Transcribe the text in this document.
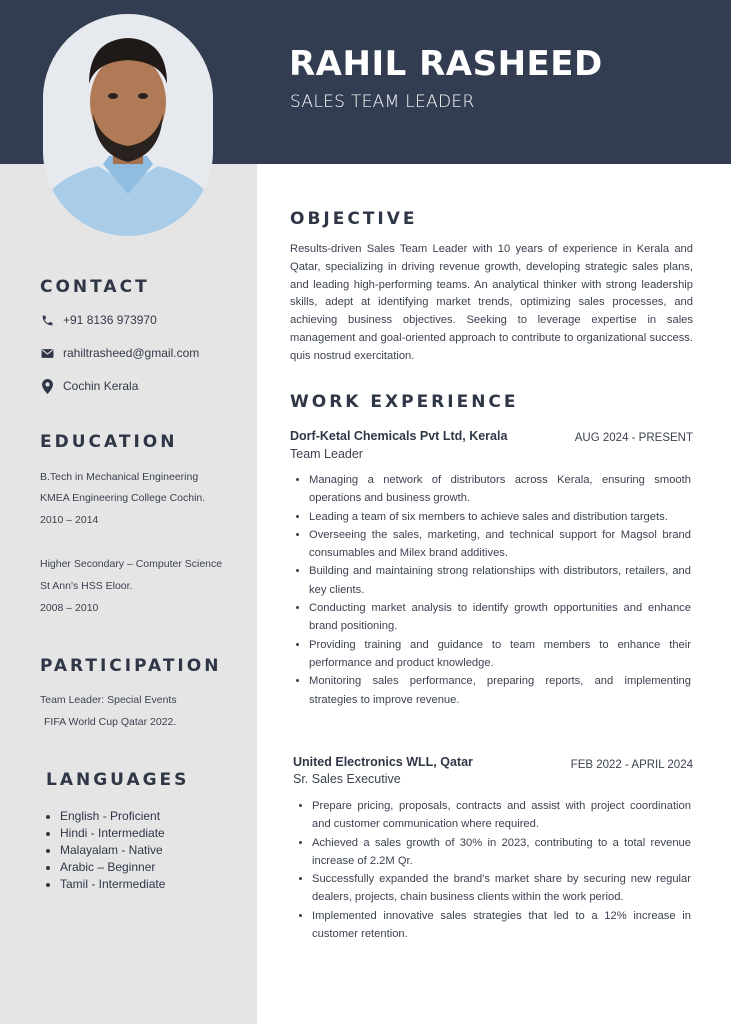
RAHIL RASHEED
SALES TEAM LEADER
CONTACT
+91 8136 973970
rahiltrasheed@gmail.com
Cochin Kerala
EDUCATION
B.Tech in Mechanical Engineering
KMEA Engineering College Cochin.
2010 – 2014
Higher Secondary – Computer Science
St Ann's HSS Eloor.
2008 – 2010
PARTICIPATION
Team Leader: Special Events
FIFA World Cup Qatar 2022.
LANGUAGES
• English - Proficient
• Hindi - Intermediate
• Malayalam - Native
• Arabic – Beginner
• Tamil - Intermediate
OBJECTIVE
Results-driven Sales Team Leader with 10 years of experience in Kerala and Qatar, specializing in driving revenue growth, developing strategic sales plans, and leading high-performing teams. An analytical thinker with strong leadership skills, adept at identifying market trends, optimizing sales processes, and achieving business objectives. Seeking to leverage expertise in sales management and goal-oriented approach to contribute to organizational success. quis nostrud exercitation.
WORK EXPERIENCE
Dorf-Ketal Chemicals Pvt Ltd, Kerala	AUG 2024 - PRESENT
Team Leader
• Managing a network of distributors across Kerala, ensuring smooth operations and business growth.
• Leading a team of six members to achieve sales and distribution targets.
• Overseeing the sales, marketing, and technical support for Magsol brand consumables and Milex brand additives.
• Building and maintaining strong relationships with distributors, retailers, and key clients.
• Conducting market analysis to identify growth opportunities and enhance brand positioning.
• Providing training and guidance to team members to enhance their performance and product knowledge.
• Monitoring sales performance, preparing reports, and implementing strategies to improve revenue.
United Electronics WLL, Qatar	FEB 2022 - APRIL 2024
Sr. Sales Executive
• Prepare pricing, proposals, contracts and assist with project coordination and customer communication where required.
• Achieved a sales growth of 30% in 2023, contributing to a total revenue increase of 2.2M Qr.
• Successfully expanded the brand's market share by securing new regular dealers, projects, chain business clients within the work period.
• Implemented innovative sales strategies that led to a 12% increase in customer retention.
